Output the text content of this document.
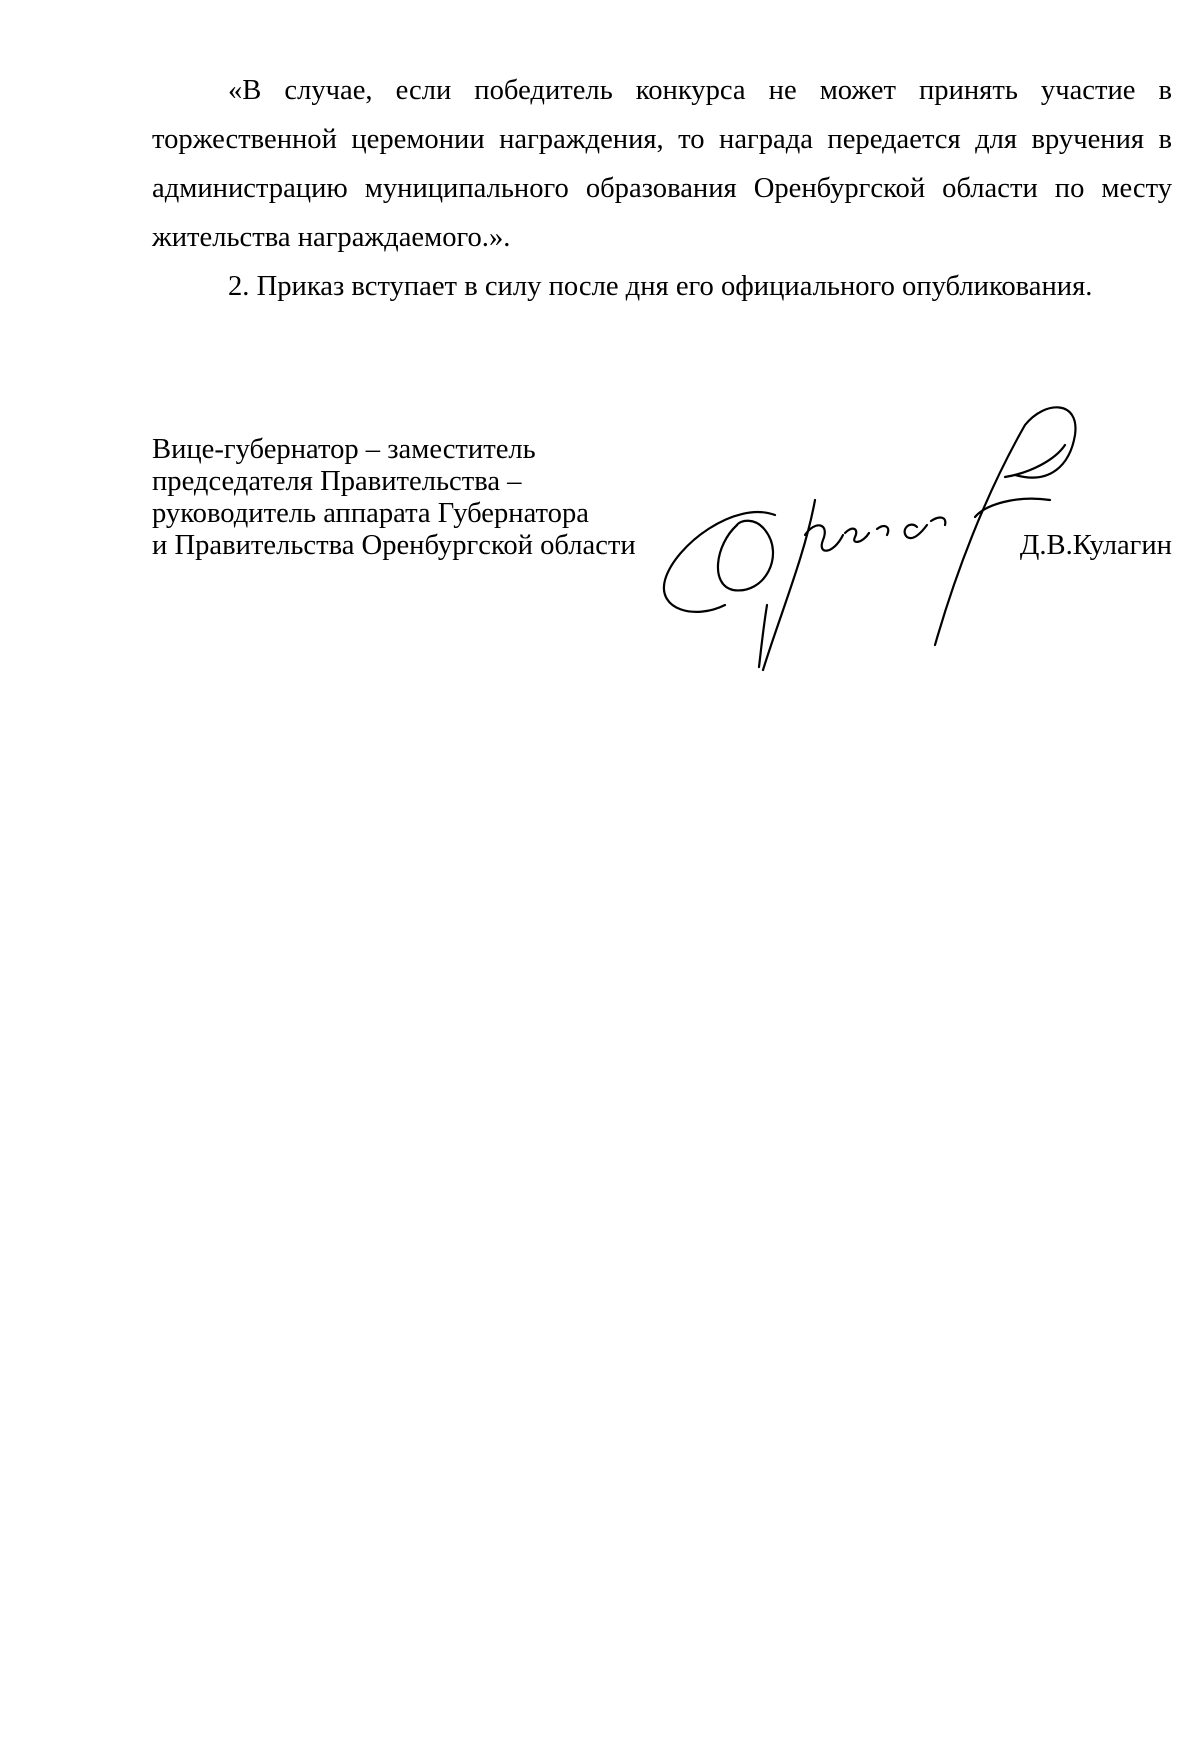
«В случае, если победитель конкурса не может принять участие в торжественной церемонии награждения, то награда передается для вручения в администрацию муниципального образования Оренбургской области по месту жительства награждаемого.».

2. Приказ вступает в силу после дня его официального опубликования.

Вице-губернатор – заместитель
председателя Правительства –
руководитель аппарата Губернатора
и Правительства Оренбургской области	Д.В.Кулагин
